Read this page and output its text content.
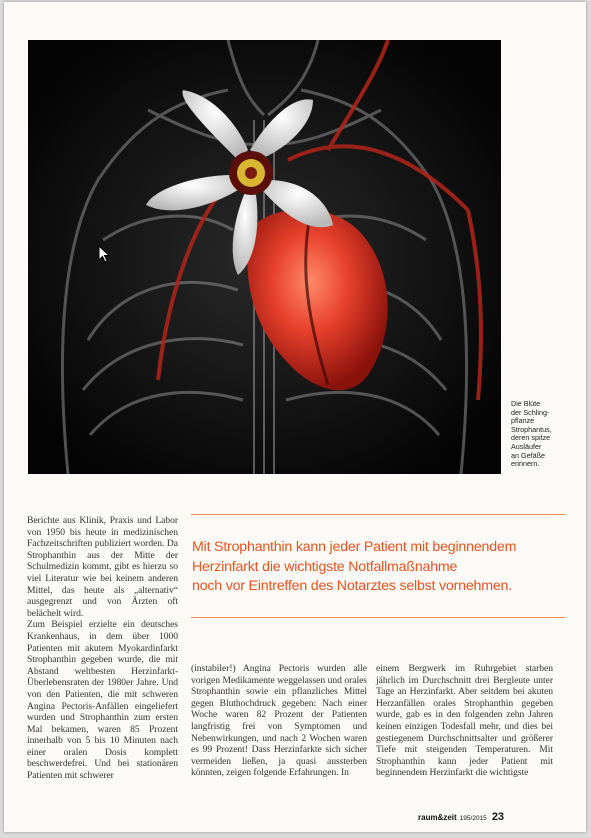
Die Blüte
der Schling-
pflanze
Strophantus,
deren spitze
Ausläufer
an Gefäße
erinnern.

Berichte aus Klinik, Praxis und Labor von 1950 bis heute in medizinischen Fachzeitschriften publiziert worden. Da Strophanthin aus der Mitte der Schulmedizin kommt, gibt es hierzu so viel Literatur wie bei keinem anderen Mittel, das heute als „alternativ“ ausgegrenzt und von Ärzten oft belächelt wird.

Zum Beispiel erzielte ein deutsches Krankenhaus, in dem über 1000 Patienten mit akutem Myokardinfarkt Strophanthin gegeben wurde, die mit Abstand weltbesten Herzinfarkt-Überlebensraten der 1980er Jahre. Und von den Patienten, die mit schweren Angina Pectoris-Anfällen eingeliefert wurden und Strophanthin zum ersten Mal bekamen, waren 85 Prozent innerhalb von 5 bis 10 Minuten nach einer oralen Dosis komplett beschwerdefrei. Und bei stationären Patienten mit schwerer

Mit Strophanthin kann jeder Patient mit beginnendem
Herzinfarkt die wichtigste Notfallmaßnahme
noch vor Eintreffen des Notarztes selbst vornehmen.

(instabiler!) Angina Pectoris wurden alle vorigen Medikamente weggelassen und orales Strophanthin sowie ein pflanzliches Mittel gegen Bluthochdruck gegeben: Nach einer Woche waren 82 Prozent der Patienten langfristig frei von Symptomen und Nebenwirkungen, und nach 2 Wochen waren es 99 Prozent! Dass Herzinfarkte sich sicher vermeiden ließen, ja quasi aussterben könnten, zeigen folgende Erfahrungen. In

einem Bergwerk im Ruhrgebiet starben jährlich im Durchschnitt drei Bergleute unter Tage an Herzinfarkt. Aber seitdem bei akuten Herzanfällen orales Strophanthin gegeben wurde, gab es in den folgenden zehn Jahren keinen einzigen Todesfall mehr, und dies bei gestiegenem Durchschnittsalter und größerer Tiefe mit steigenden Temperaturen. Mit Strophanthin kann jeder Patient mit beginnendem Herzinfarkt die wichtigste

raum&zeit 195/2015 23
